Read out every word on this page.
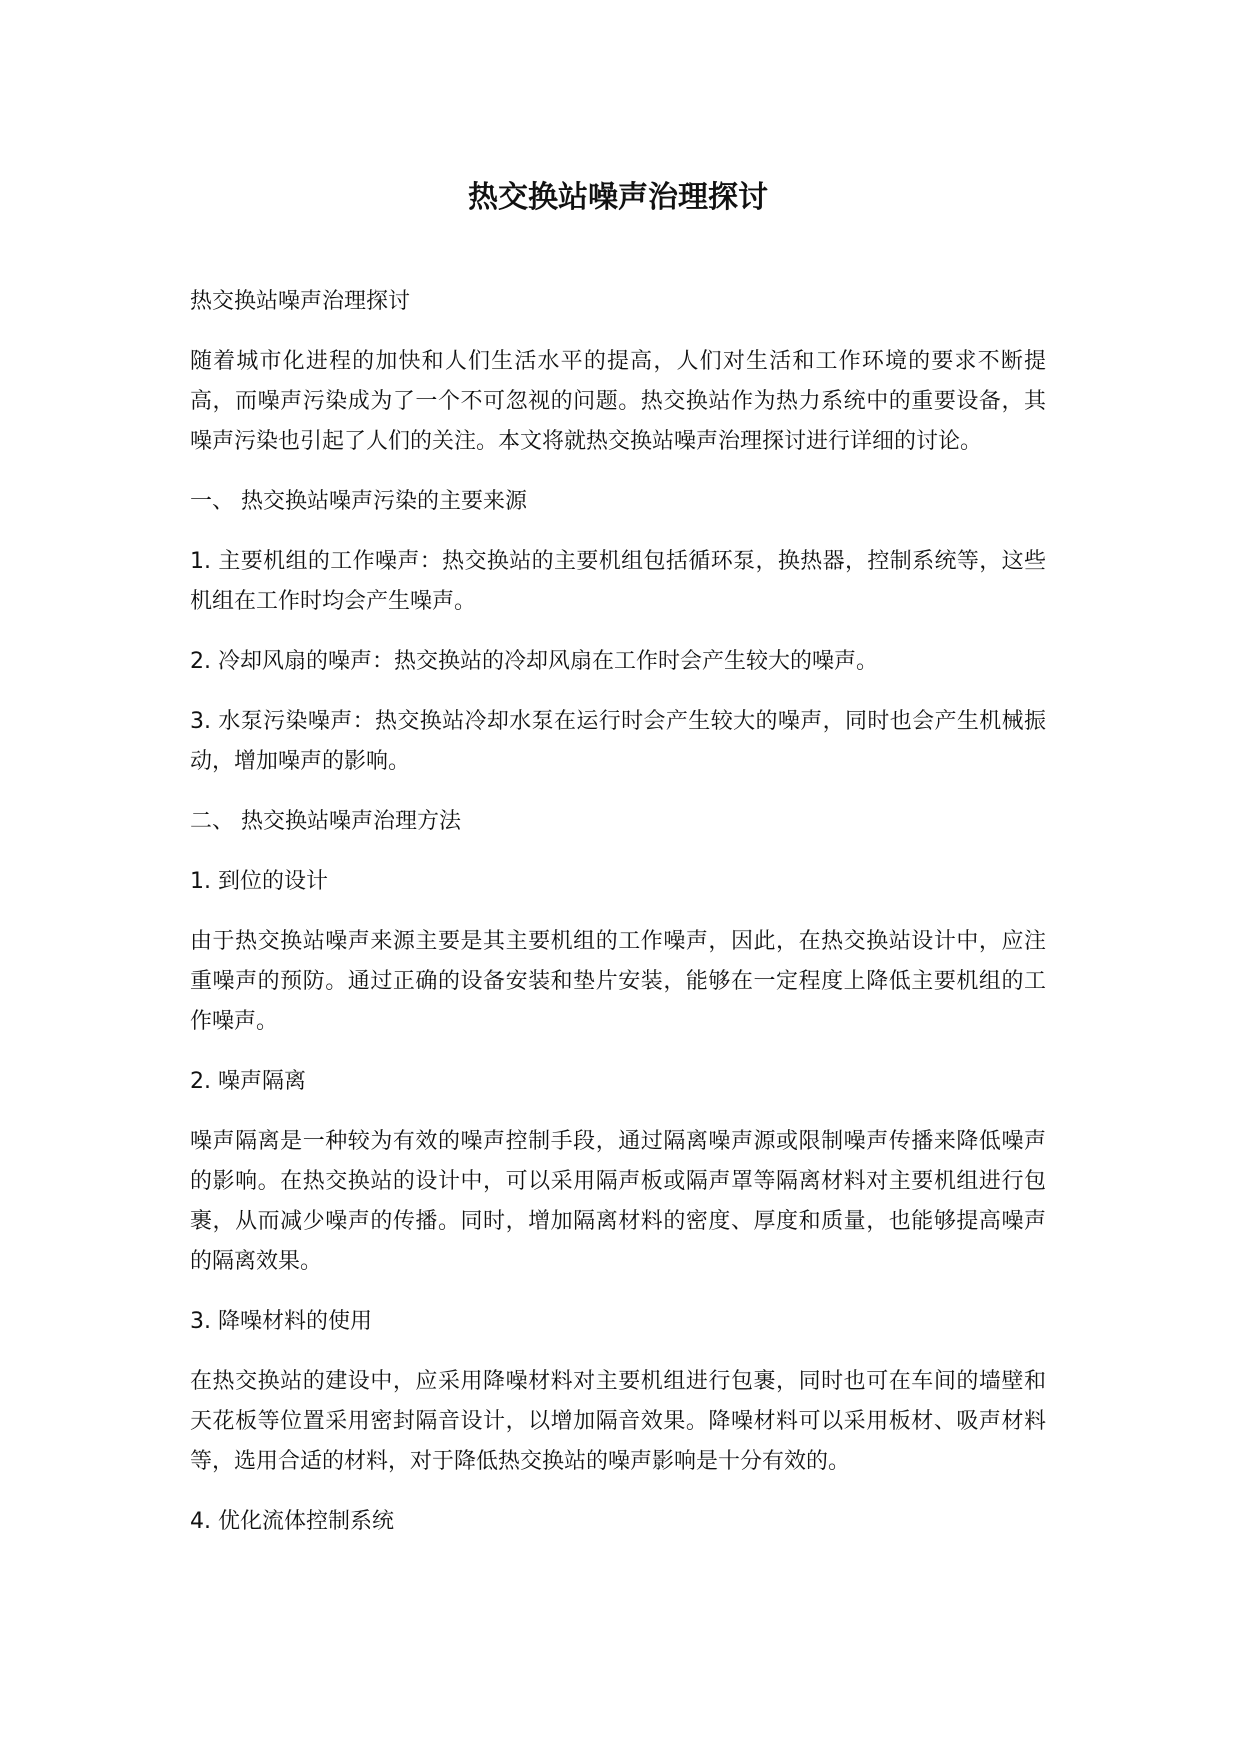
热交换站噪声治理探讨

热交换站噪声治理探讨

随着城市化进程的加快和人们生活水平的提高，人们对生活和工作环境的要求不断提高，而噪声污染成为了一个不可忽视的问题。热交换站作为热力系统中的重要设备，其噪声污染也引起了人们的关注。本文将就热交换站噪声治理探讨进行详细的讨论。

一、 热交换站噪声污染的主要来源

1. 主要机组的工作噪声：热交换站的主要机组包括循环泵，换热器，控制系统等，这些机组在工作时均会产生噪声。

2. 冷却风扇的噪声：热交换站的冷却风扇在工作时会产生较大的噪声。

3. 水泵污染噪声：热交换站冷却水泵在运行时会产生较大的噪声，同时也会产生机械振动，增加噪声的影响。

二、 热交换站噪声治理方法

1. 到位的设计

由于热交换站噪声来源主要是其主要机组的工作噪声，因此，在热交换站设计中，应注重噪声的预防。通过正确的设备安装和垫片安装，能够在一定程度上降低主要机组的工作噪声。

2. 噪声隔离

噪声隔离是一种较为有效的噪声控制手段，通过隔离噪声源或限制噪声传播来降低噪声的影响。在热交换站的设计中，可以采用隔声板或隔声罩等隔离材料对主要机组进行包裹，从而减少噪声的传播。同时，增加隔离材料的密度、厚度和质量，也能够提高噪声的隔离效果。

3. 降噪材料的使用

在热交换站的建设中，应采用降噪材料对主要机组进行包裹，同时也可在车间的墙壁和天花板等位置采用密封隔音设计，以增加隔音效果。降噪材料可以采用板材、吸声材料等，选用合适的材料，对于降低热交换站的噪声影响是十分有效的。

4. 优化流体控制系统
